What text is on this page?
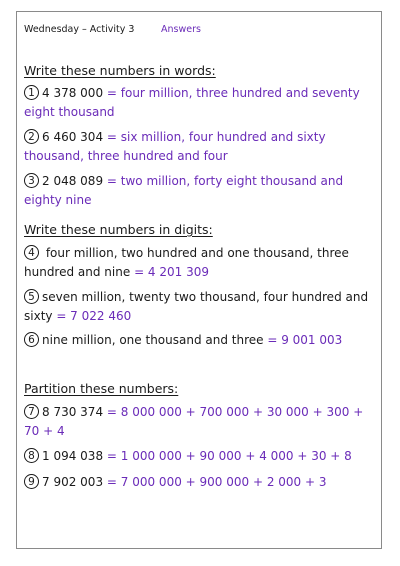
Wednesday – Activity 3	Answers
Write these numbers in words:
1 4 378 000 = four million, three hundred and seventy eight thousand
2 6 460 304 = six million, four hundred and sixty thousand, three hundred and four
3 2 048 089 = two million, forty eight thousand and eighty nine
Write these numbers in digits:
4 four million, two hundred and one thousand, three hundred and nine = 4 201 309
5 seven million, twenty two thousand, four hundred and sixty = 7 022 460
6 nine million, one thousand and three = 9 001 003
Partition these numbers:
7 8 730 374 = 8 000 000 + 700 000 + 30 000 + 300 + 70 + 4
8 1 094 038 = 1 000 000 + 90 000 + 4 000 + 30 + 8
9 7 902 003 = 7 000 000 + 900 000 + 2 000 + 3
